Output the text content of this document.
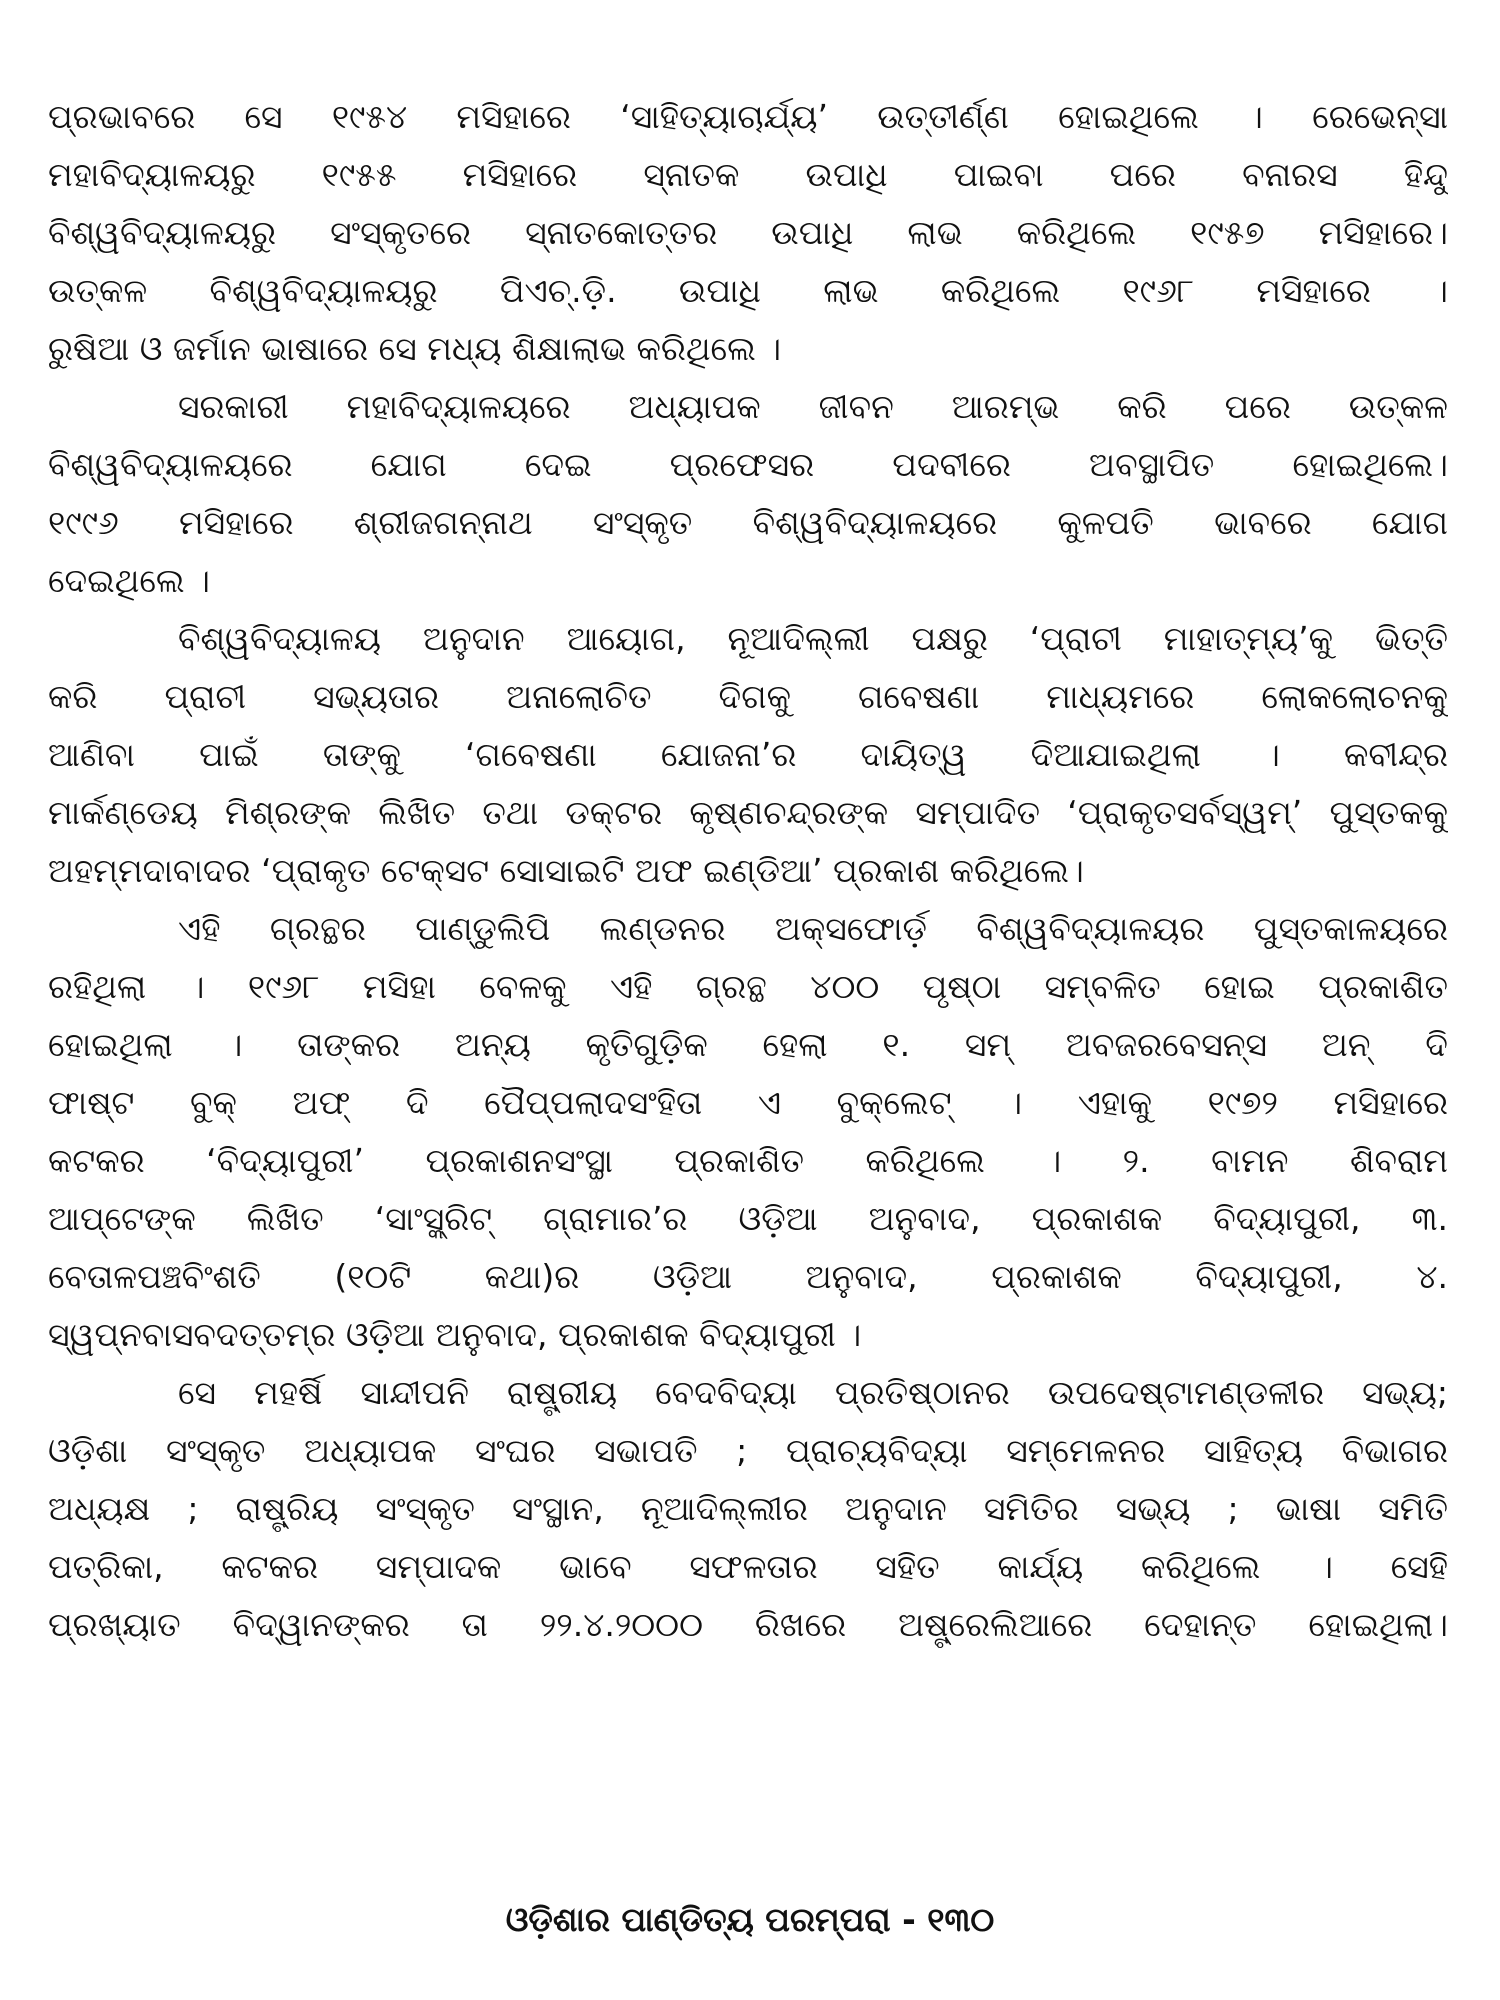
ପ୍ରଭାବରେ ସେ ୧୯୫୪ ମସିହାରେ ‘ସାହିତ୍ୟାଚାର୍ଯ୍ୟ’ ଉତ୍ତୀର୍ଣ୍ଣ ହୋଇଥିଲେ । ରେଭେନ୍ସା
ମହାବିଦ୍ୟାଳୟରୁ ୧୯୫୫ ମସିହାରେ ସ୍ନାତକ ଉପାଧି ପାଇବା ପରେ ବନାରସ ହିନ୍ଦୁ
ବିଶ୍ୱବିଦ୍ୟାଳୟରୁ ସଂସ୍କୃତରେ ସ୍ନାତକୋତ୍ତର ଉପାଧି ଲାଭ କରିଥିଲେ ୧୯୫୭ ମସିହାରେ।
ଉତ୍କଳ ବିଶ୍ୱବିଦ୍ୟାଳୟରୁ ପିଏଚ୍.ଡ଼ି. ଉପାଧି ଲାଭ କରିଥିଲେ ୧୯୬୮ ମସିହାରେ ।
ରୁଷିଆ ଓ ଜର୍ମାନ ଭାଷାରେ ସେ ମଧ୍ୟ ଶିକ୍ଷାଲାଭ କରିଥିଲେ ।
ସରକାରୀ ମହାବିଦ୍ୟାଳୟରେ ଅଧ୍ୟାପକ ଜୀବନ ଆରମ୍ଭ କରି ପରେ ଉତ୍କଳ
ବିଶ୍ୱବିଦ୍ୟାଳୟରେ ଯୋଗ ଦେଇ ପ୍ରଫେସର ପଦବୀରେ ଅବସ୍ଥାପିତ ହୋଇଥିଲେ।
୧୯୯୬ ମସିହାରେ ଶ୍ରୀଜଗନ୍ନାଥ ସଂସ୍କୃତ ବିଶ୍ୱବିଦ୍ୟାଳୟରେ କୁଳପତି ଭାବରେ ଯୋଗ
ଦେଇଥିଲେ ।
ବିଶ୍ୱବିଦ୍ୟାଳୟ ଅନୁଦାନ ଆୟୋଗ, ନୂଆଦିଲ୍ଲୀ ପକ୍ଷରୁ ‘ପ୍ରାଚୀ ମାହାତ୍ମ୍ୟ’କୁ ଭିତ୍ତି
କରି ପ୍ରାଚୀ ସଭ୍ୟତାର ଅନାଲୋଚିତ ଦିଗକୁ ଗବେଷଣା ମାଧ୍ୟମରେ ଲୋକଲୋଚନକୁ
ଆଣିବା ପାଇଁ ତାଙ୍କୁ ‘ଗବେଷଣା ଯୋଜନା’ର ଦାୟିତ୍ୱ ଦିଆଯାଇଥିଲା । କବୀନ୍ଦ୍ର
ମାର୍କଣ୍ଡେୟ ମିଶ୍ରଙ୍କ ଲିଖିତ ତଥା ଡକ୍ଟର କୃଷ୍ଣଚନ୍ଦ୍ରଙ୍କ ସମ୍ପାଦିତ ‘ପ୍ରାକୃତସର୍ବସ୍ୱମ୍’ ପୁସ୍ତକକୁ
ଅହମ୍ମଦାବାଦର ‘ପ୍ରାକୃତ ଟେକ୍ସଟ ସୋସାଇଟି ଅଫ ଇଣ୍ଡିଆ’ ପ୍ରକାଶ କରିଥିଲେ।
ଏହି ଗ୍ରନ୍ଥର ପାଣ୍ଡୁଲିପି ଲଣ୍ଡନର ଅକ୍ସଫୋର୍ଡ଼ ବିଶ୍ୱବିଦ୍ୟାଳୟର ପୁସ୍ତକାଳୟରେ
ରହିଥିଲା । ୧୯୬୮ ମସିହା ବେଳକୁ ଏହି ଗ୍ରନ୍ଥ ୪୦୦ ପୃଷ୍ଠା ସମ୍ବଳିତ ହୋଇ ପ୍ରକାଶିତ
ହୋଇଥିଲା । ତାଙ୍କର ଅନ୍ୟ କୃତିଗୁଡ଼ିକ ହେଲା ୧. ସମ୍ ଅବଜରବେସନ୍‌ସ ଅନ୍ ଦି
ଫାଷ୍ଟ ବୁକ୍ ଅଫ୍ ଦି ପୈପ୍ପଲାଦସଂହିତା ଏ ବୁକ୍‌ଲେଟ୍ । ଏହାକୁ ୧୯୭୨ ମସିହାରେ
କଟକର ‘ବିଦ୍ୟାପୁରୀ’ ପ୍ରକାଶନସଂସ୍ଥା ପ୍ରକାଶିତ କରିଥିଲେ । ୨. ବାମନ ଶିବରାମ
ଆପ୍ଟେଙ୍କ ଲିଖିତ ‘ସାଂସ୍କ୍ରିଟ୍ ଗ୍ରାମାର’ର ଓଡ଼ିଆ ଅନୁବାଦ, ପ୍ରକାଶକ ବିଦ୍ୟାପୁରୀ, ୩.
ବେତାଳପଞ୍ଚବିଂଶତି (୧୦ଟି କଥା)ର ଓଡ଼ିଆ ଅନୁବାଦ, ପ୍ରକାଶକ ବିଦ୍ୟାପୁରୀ, ୪.
ସ୍ୱପ୍ନବାସବଦତ୍ତମ୍‌ର ଓଡ଼ିଆ ଅନୁବାଦ, ପ୍ରକାଶକ ବିଦ୍ୟାପୁରୀ ।
ସେ ମହର୍ଷି ସାନ୍ଦୀପନି ରାଷ୍ଟ୍ରୀୟ ବେଦବିଦ୍ୟା ପ୍ରତିଷ୍ଠାନର ଉପଦେଷ୍ଟାମଣ୍ଡଳୀର ସଭ୍ୟ;
ଓଡ଼ିଶା ସଂସ୍କୃତ ଅଧ୍ୟାପକ ସଂଘର ସଭାପତି ; ପ୍ରାଚ୍ୟବିଦ୍ୟା ସମ୍ମେଳନର ସାହିତ୍ୟ ବିଭାଗର
ଅଧ୍ୟକ୍ଷ ; ରାଷ୍ଟ୍ରିୟ ସଂସ୍କୃତ ସଂସ୍ଥାନ, ନୂଆଦିଲ୍ଲୀର ଅନୁଦାନ ସମିତିର ସଭ୍ୟ ; ଭାଷା ସମିତି
ପତ୍ରିକା, କଟକର ସମ୍ପାଦକ ଭାବେ ସଫଳତାର ସହିତ କାର୍ଯ୍ୟ କରିଥିଲେ । ସେହି
ପ୍ରଖ୍ୟାତ ବିଦ୍ୱାନଙ୍କର ତା ୨୨.୪.୨୦୦୦ ରିଖରେ ଅଷ୍ଟ୍ରେଲିଆରେ ଦେହାନ୍ତ ହୋଇଥିଲା।
ଓଡ଼ିଶାର ପାଣ୍ଡିତ୍ୟ ପରମ୍ପରା - ୧୩୦
